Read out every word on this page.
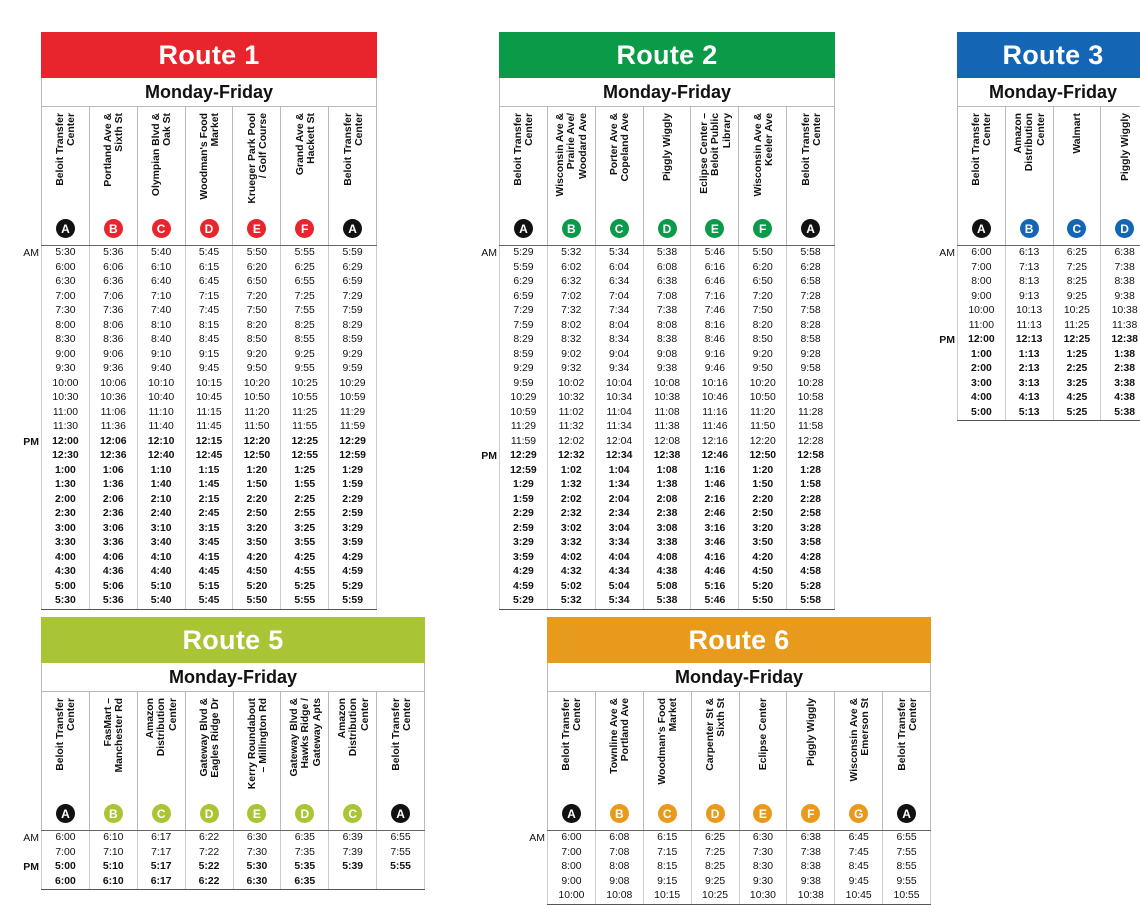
AM
PM
Route 1
Monday-Friday
Beloit Transfer Center
A
Portland Ave & Sixth St
B
Olympian Blvd & Oak St
C
Woodman's Food Market
D
Krueger Park Pool / Golf Course
E
Grand Ave & Hackett St
F
Beloit Transfer Center
A
5:30	5:36	5:40	5:45	5:50	5:55	5:59
6:00	6:06	6:10	6:15	6:20	6:25	6:29
6:30	6:36	6:40	6:45	6:50	6:55	6:59
7:00	7:06	7:10	7:15	7:20	7:25	7:29
7:30	7:36	7:40	7:45	7:50	7:55	7:59
8:00	8:06	8:10	8:15	8:20	8:25	8:29
8:30	8:36	8:40	8:45	8:50	8:55	8:59
9:00	9:06	9:10	9:15	9:20	9:25	9:29
9:30	9:36	9:40	9:45	9:50	9:55	9:59
10:00	10:06	10:10	10:15	10:20	10:25	10:29
10:30	10:36	10:40	10:45	10:50	10:55	10:59
11:00	11:06	11:10	11:15	11:20	11:25	11:29
11:30	11:36	11:40	11:45	11:50	11:55	11:59
12:00	12:06	12:10	12:15	12:20	12:25	12:29
12:30	12:36	12:40	12:45	12:50	12:55	12:59
1:00	1:06	1:10	1:15	1:20	1:25	1:29
1:30	1:36	1:40	1:45	1:50	1:55	1:59
2:00	2:06	2:10	2:15	2:20	2:25	2:29
2:30	2:36	2:40	2:45	2:50	2:55	2:59
3:00	3:06	3:10	3:15	3:20	3:25	3:29
3:30	3:36	3:40	3:45	3:50	3:55	3:59
4:00	4:06	4:10	4:15	4:20	4:25	4:29
4:30	4:36	4:40	4:45	4:50	4:55	4:59
5:00	5:06	5:10	5:15	5:20	5:25	5:29
5:30	5:36	5:40	5:45	5:50	5:55	5:59
AM
PM
Route 2
Monday-Friday
Beloit Transfer Center
A
Wisconsin Ave & Prairie Ave/ Woodard Ave
B
Porter Ave & Copeland Ave
C
Piggly Wiggly
D
Eclipse Center – Beloit Public Library
E
Wisconsin Ave & Keeler Ave
F
Beloit Transfer Center
A
5:29	5:32	5:34	5:38	5:46	5:50	5:58
5:59	6:02	6:04	6:08	6:16	6:20	6:28
6:29	6:32	6:34	6:38	6:46	6:50	6:58
6:59	7:02	7:04	7:08	7:16	7:20	7:28
7:29	7:32	7:34	7:38	7:46	7:50	7:58
7:59	8:02	8:04	8:08	8:16	8:20	8:28
8:29	8:32	8:34	8:38	8:46	8:50	8:58
8:59	9:02	9:04	9:08	9:16	9:20	9:28
9:29	9:32	9:34	9:38	9:46	9:50	9:58
9:59	10:02	10:04	10:08	10:16	10:20	10:28
10:29	10:32	10:34	10:38	10:46	10:50	10:58
10:59	11:02	11:04	11:08	11:16	11:20	11:28
11:29	11:32	11:34	11:38	11:46	11:50	11:58
11:59	12:02	12:04	12:08	12:16	12:20	12:28
12:29	12:32	12:34	12:38	12:46	12:50	12:58
12:59	1:02	1:04	1:08	1:16	1:20	1:28
1:29	1:32	1:34	1:38	1:46	1:50	1:58
1:59	2:02	2:04	2:08	2:16	2:20	2:28
2:29	2:32	2:34	2:38	2:46	2:50	2:58
2:59	3:02	3:04	3:08	3:16	3:20	3:28
3:29	3:32	3:34	3:38	3:46	3:50	3:58
3:59	4:02	4:04	4:08	4:16	4:20	4:28
4:29	4:32	4:34	4:38	4:46	4:50	4:58
4:59	5:02	5:04	5:08	5:16	5:20	5:28
5:29	5:32	5:34	5:38	5:46	5:50	5:58
AM
PM
Route 3
Monday-Friday
Beloit Transfer Center
A
Amazon Distribution Center
B
Walmart
C
Piggly Wiggly
D
6:00	6:13	6:25	6:38
7:00	7:13	7:25	7:38
8:00	8:13	8:25	8:38
9:00	9:13	9:25	9:38
10:00	10:13	10:25	10:38
11:00	11:13	11:25	11:38
12:00	12:13	12:25	12:38
1:00	1:13	1:25	1:38
2:00	2:13	2:25	2:38
3:00	3:13	3:25	3:38
4:00	4:13	4:25	4:38
5:00	5:13	5:25	5:38
AM
PM
Route 5
Monday-Friday
Beloit Transfer Center
A
FasMart – Manchester Rd
B
Amazon Distribution Center
C
Gateway Blvd & Eagles Ridge Dr
D
Kerry Roundabout – Millington Rd
E
Gateway Blvd & Hawks Ridge / Gateway Apts
D
Amazon Distribution Center
C
Beloit Transfer Center
A
6:00	6:10	6:17	6:22	6:30	6:35	6:39	6:55
7:00	7:10	7:17	7:22	7:30	7:35	7:39	7:55
5:00	5:10	5:17	5:22	5:30	5:35	5:39	5:55
6:00	6:10	6:17	6:22	6:30	6:35
AM
Route 6
Monday-Friday
Beloit Transfer Center
A
Townline Ave & Portland Ave
B
Woodman's Food Market
C
Carpenter St & Sixth St
D
Eclipse Center
E
Piggly Wiggly
F
Wisconsin Ave & Emerson St
G
Beloit Transfer Center
A
6:00	6:08	6:15	6:25	6:30	6:38	6:45	6:55
7:00	7:08	7:15	7:25	7:30	7:38	7:45	7:55
8:00	8:08	8:15	8:25	8:30	8:38	8:45	8:55
9:00	9:08	9:15	9:25	9:30	9:38	9:45	9:55
10:00	10:08	10:15	10:25	10:30	10:38	10:45	10:55
